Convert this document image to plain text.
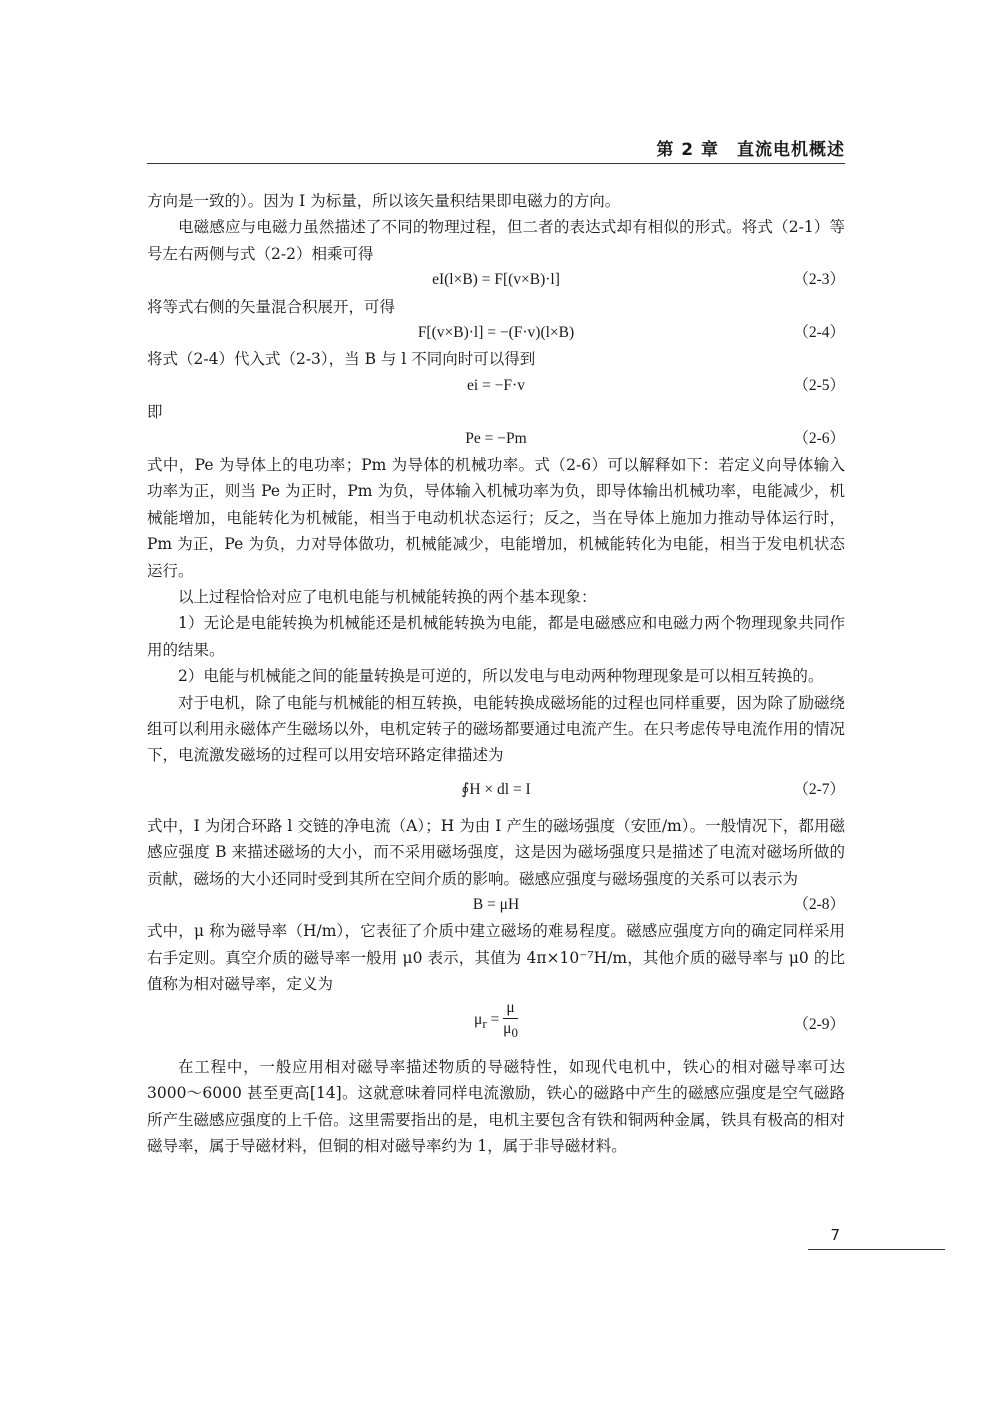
第 2 章　直流电机概述

方向是一致的）。因为 I 为标量，所以该矢量积结果即电磁力的方向。

电磁感应与电磁力虽然描述了不同的物理过程，但二者的表达式却有相似的形式。将式（2-1）等号左右两侧与式（2-2）相乘可得

eI(l×B) = F[(v×B)·l]	（2-3）

将等式右侧的矢量混合积展开，可得

F[(v×B)·l] = −(F·v)(l×B)	（2-4）

将式（2-4）代入式（2-3），当 B 与 l 不同向时可以得到

ei = −F·v	（2-5）

即

Pe = −Pm	（2-6）

式中，Pe 为导体上的电功率；Pm 为导体的机械功率。式（2-6）可以解释如下：若定义向导体输入功率为正，则当 Pe 为正时，Pm 为负，导体输入机械功率为负，即导体输出机械功率，电能减少，机械能增加，电能转化为机械能，相当于电动机状态运行；反之，当在导体上施加力推动导体运行时，Pm 为正，Pe 为负，力对导体做功，机械能减少，电能增加，机械能转化为电能，相当于发电机状态运行。

以上过程恰恰对应了电机电能与机械能转换的两个基本现象：

1）无论是电能转换为机械能还是机械能转换为电能，都是电磁感应和电磁力两个物理现象共同作用的结果。

2）电能与机械能之间的能量转换是可逆的，所以发电与电动两种物理现象是可以相互转换的。

对于电机，除了电能与机械能的相互转换，电能转换成磁场能的过程也同样重要，因为除了励磁绕组可以利用永磁体产生磁场以外，电机定转子的磁场都要通过电流产生。在只考虑传导电流作用的情况下，电流激发磁场的过程可以用安培环路定律描述为

∮H × dl = I	（2-7）

式中，I 为闭合环路 l 交链的净电流（A）；H 为由 I 产生的磁场强度（安匝/m）。一般情况下，都用磁感应强度 B 来描述磁场的大小，而不采用磁场强度，这是因为磁场强度只是描述了电流对磁场所做的贡献，磁场的大小还同时受到其所在空间介质的影响。磁感应强度与磁场强度的关系可以表示为

B = μH	（2-8）

式中，μ 称为磁导率（H/m），它表征了介质中建立磁场的难易程度。磁感应强度方向的确定同样采用右手定则。真空介质的磁导率一般用 μ0 表示，其值为 4π×10⁻⁷H/m，其他介质的磁导率与 μ0 的比值称为相对磁导率，定义为

$\mu_r = \frac{\mu}{\mu_0}$	（2-9）

在工程中，一般应用相对磁导率描述物质的导磁特性，如现代电机中，铁心的相对磁导率可达 3000～6000 甚至更高[14]。这就意味着同样电流激励，铁心的磁路中产生的磁感应强度是空气磁路所产生磁感应强度的上千倍。这里需要指出的是，电机主要包含有铁和铜两种金属，铁具有极高的相对磁导率，属于导磁材料，但铜的相对磁导率约为 1，属于非导磁材料。

7
